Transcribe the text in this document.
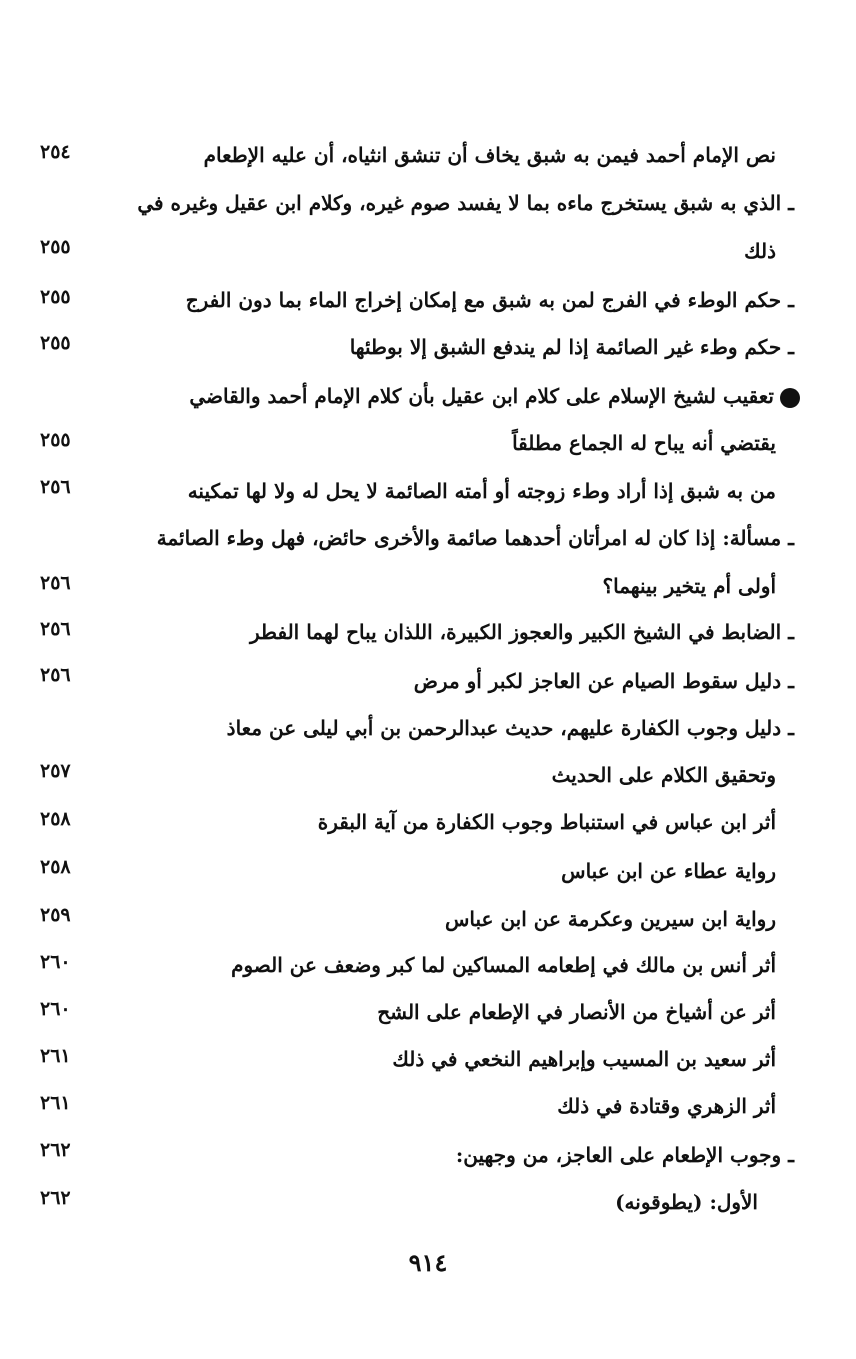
نص الإمام أحمد فيمن به شبق يخاف أن تنشق انثياه، أن عليه الإطعام
٢٥٤
ـ الذي به شبق يستخرج ماءه بما لا يفسد صوم غيره، وكلام ابن عقيل وغيره في
ذلك
٢٥٥
ـ حكم الوطء في الفرج لمن به شبق مع إمكان إخراج الماء بما دون الفرج
٢٥٥
ـ حكم وطء غير الصائمة إذا لم يندفع الشبق إلا بوطئها
٢٥٥
تعقيب لشيخ الإسلام على كلام ابن عقيل بأن كلام الإمام أحمد والقاضي
يقتضي أنه يباح له الجماع مطلقاً
٢٥٥
من به شبق إذا أراد وطء زوجته أو أمته الصائمة لا يحل له ولا لها تمكينه
٢٥٦
ـ مسألة: إذا كان له امرأتان أحدهما صائمة والأخرى حائض، فهل وطء الصائمة
أولى أم يتخير بينهما؟
٢٥٦
ـ الضابط في الشيخ الكبير والعجوز الكبيرة، اللذان يباح لهما الفطر
٢٥٦
ـ دليل سقوط الصيام عن العاجز لكبر أو مرض
٢٥٦
ـ دليل وجوب الكفارة عليهم، حديث عبدالرحمن بن أبي ليلى عن معاذ
وتحقيق الكلام على الحديث
٢٥٧
أثر ابن عباس في استنباط وجوب الكفارة من آية البقرة
٢٥٨
رواية عطاء عن ابن عباس
٢٥٨
رواية ابن سيرين وعكرمة عن ابن عباس
٢٥٩
أثر أنس بن مالك في إطعامه المساكين لما كبر وضعف عن الصوم
٢٦٠
أثر عن أشياخ من الأنصار في الإطعام على الشح
٢٦٠
أثر سعيد بن المسيب وإبراهيم النخعي في ذلك
٢٦١
أثر الزهري وقتادة في ذلك
٢٦١
ـ وجوب الإطعام على العاجز، من وجهين:
٢٦٢
الأول: (يطوقونه)
٢٦٢
٩١٤
